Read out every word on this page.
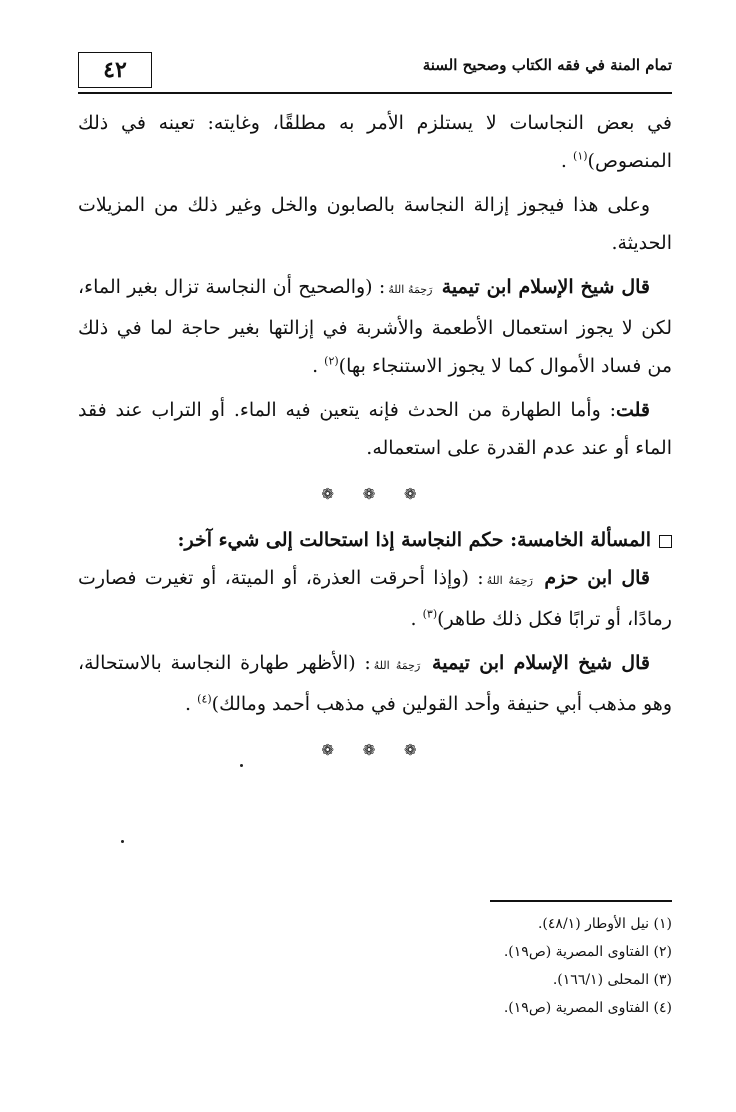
٤٢	تمام المنة في فقه الكتاب وصحيح السنة

في بعض النجاسات لا يستلزم الأمر به مطلقًا، وغايته: تعينه في ذلك المنصوص)$^{(١)}$ .

وعلى هذا فيجوز إزالة النجاسة بالصابون والخل وغير ذلك من المزيلات الحديثة.

قال شيخ الإسلام ابن تيمية رَحِمَهُ اللهُ: (والصحيح أن النجاسة تزال بغير الماء، لكن لا يجوز استعمال الأطعمة والأشربة في إزالتها بغير حاجة لما في ذلك من فساد الأموال كما لا يجوز الاستنجاء بها)$^{(٢)}$ .

قلت: وأما الطهارة من الحدث فإنه يتعين فيه الماء. أو التراب عند فقد الماء أو عند عدم القدرة على استعماله.

❁ ❁ ❁

المسألة الخامسة: حكم النجاسة إذا استحالت إلى شيء آخر:

قال ابن حزم رَحِمَهُ اللهُ: (وإذا أحرقت العذرة، أو الميتة، أو تغيرت فصارت رمادًا، أو ترابًا فكل ذلك طاهر)$^{(٣)}$ .

قال شيخ الإسلام ابن تيمية رَحِمَهُ اللهُ: (الأظهر طهارة النجاسة بالاستحالة، وهو مذهب أبي حنيفة وأحد القولين في مذهب أحمد ومالك)$^{(٤)}$ .

❁ ❁ ❁
(١) نيل الأوطار (٤٨/١).
(٢) الفتاوى المصرية (ص١٩).
(٣) المحلى (١٦٦/١).
(٤) الفتاوى المصرية (ص١٩).
